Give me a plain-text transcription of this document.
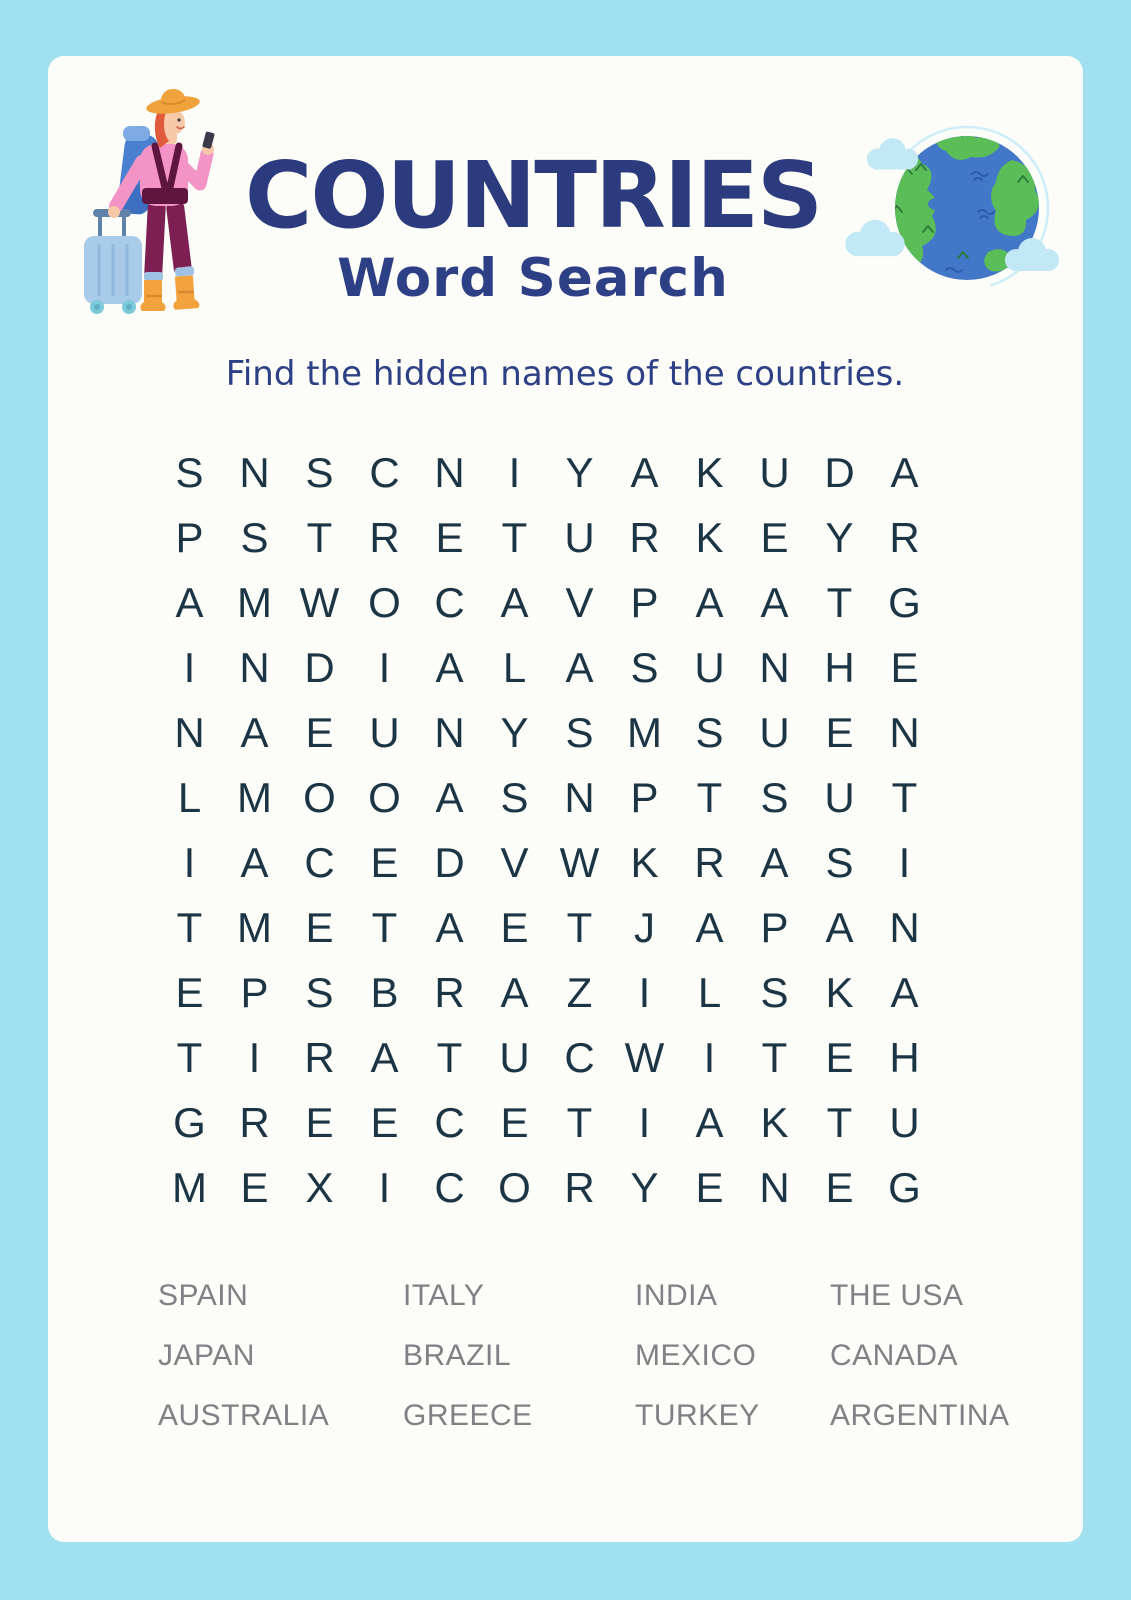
COUNTRIES
Word Search
Find the hidden names of the countries.
S N S C N	I	Y A K U D A
P S T R E T U R K E Y R
A M W O C A V P A A T G
I	N D	I	A L A S U N H E
N A E U N Y S M S U E N
L M O O A S N P T S U T
I	A C E D V W K R A S	I
T M E T A E T J A P A N
E P S B R A Z	I	L S K A
T	I	R A T U C W I	T E H
G R E E C E T	I	A K T U
M E X	I	C O R Y E N E G
SPAIN	ITALY	INDIA	THE USA
JAPAN	BRAZIL	MEXICO	CANADA
AUSTRALIA	GREECE	TURKEY	ARGENTINA
